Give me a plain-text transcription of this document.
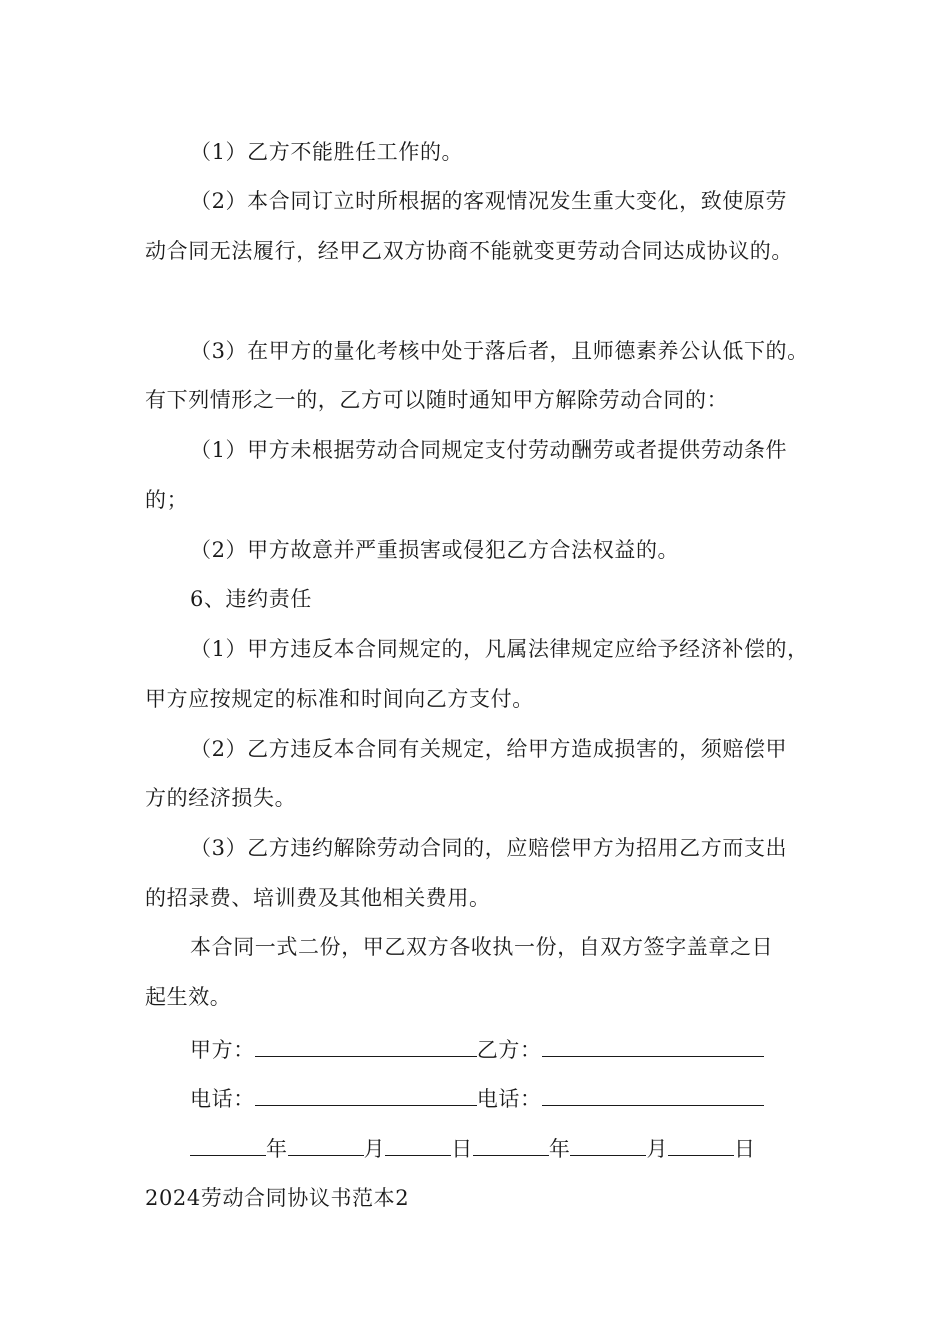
（1）乙方不能胜任工作的。
（2）本合同订立时所根据的客观情况发生重大变化，致使原劳
动合同无法履行，经甲乙双方协商不能就变更劳动合同达成协议的。
（3）在甲方的量化考核中处于落后者，且师德素养公认低下的。
有下列情形之一的，乙方可以随时通知甲方解除劳动合同的：
（1）甲方未根据劳动合同规定支付劳动酬劳或者提供劳动条件
的；
（2）甲方故意并严重损害或侵犯乙方合法权益的。
6、违约责任
（1）甲方违反本合同规定的，凡属法律规定应给予经济补偿的，
甲方应按规定的标准和时间向乙方支付。
（2）乙方违反本合同有关规定，给甲方造成损害的，须赔偿甲
方的经济损失。
（3）乙方违约解除劳动合同的，应赔偿甲方为招用乙方而支出
的招录费、培训费及其他相关费用。
本合同一式二份，甲乙双方各收执一份，自双方签字盖章之日
起生效。
甲方：	乙方：
电话：	电话：
年	月	日	年	月	日
2024劳动合同协议书范本2
